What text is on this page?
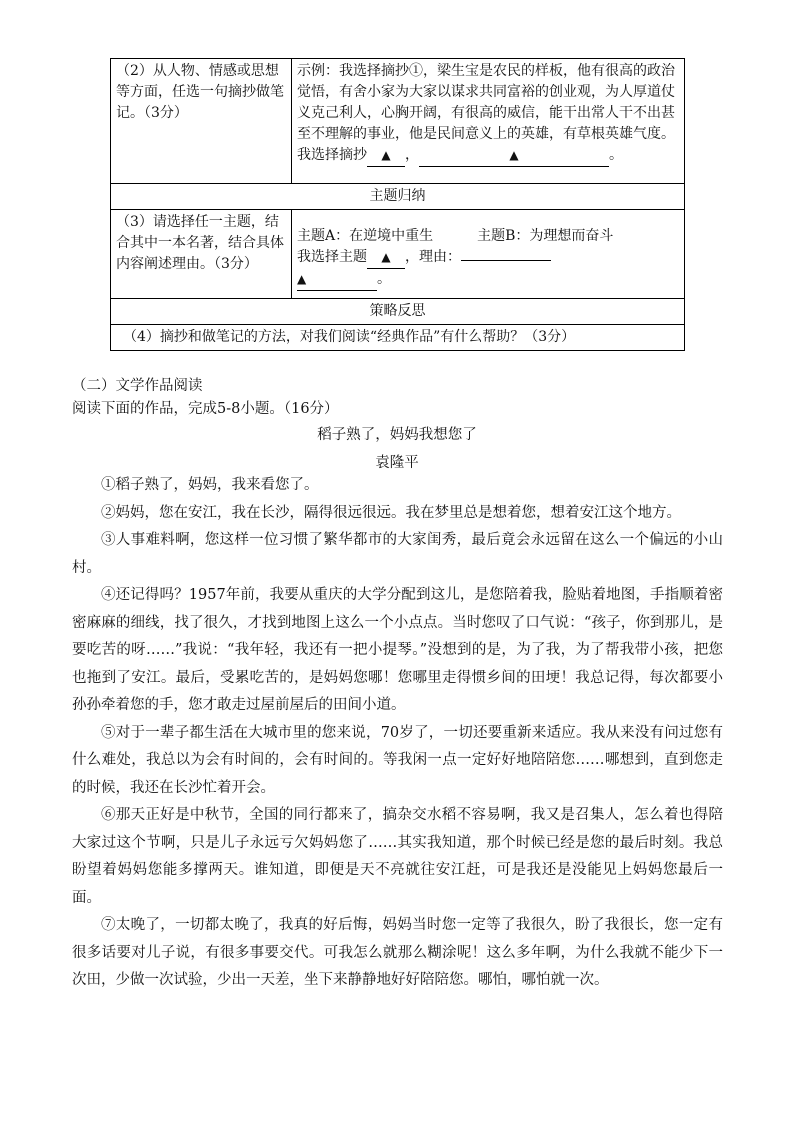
（2）从人物、情感或思想等方面，任选一句摘抄做笔记。（3分）	示例：我选择摘抄①，梁生宝是农民的样板，他有很高的政治觉悟，有舍小家为大家以谋求共同富裕的创业观，为人厚道仗义克己利人，心胸开阔，有很高的威信，能干出常人干不出甚至不理解的事业，他是民间意义上的英雄，有草根英雄气度。
我选择摘抄 ▲ ， ▲ 。

主题归纳	
（3）请选择任一主题，结合其中一本名著，结合具体内容阐述理由。（3分）	主题A：在逆境中重生 主题B：为理想而奋斗
我选择主题 ▲ ，理由：
▲ 。

策略反思	
（4）摘抄和做笔记的方法，对我们阅读“经典作品”有什么帮助？（3分）	
（二）文学作品阅读
阅读下面的作品，完成5-8小题。（16分）
稻子熟了，妈妈我想您了
袁隆平

①稻子熟了，妈妈，我来看您了。

②妈妈，您在安江，我在长沙，隔得很远很远。我在梦里总是想着您，想着安江这个地方。

③人事难料啊，您这样一位习惯了繁华都市的大家闺秀，最后竟会永远留在这么一个偏远的小山村。

④还记得吗？1957年前，我要从重庆的大学分配到这儿，是您陪着我，脸贴着地图，手指顺着密密麻麻的细线，找了很久，才找到地图上这么一个小点点。当时您叹了口气说：“孩子，你到那儿，是要吃苦的呀……”我说：“我年轻，我还有一把小提琴。”没想到的是，为了我，为了帮我带小孩，把您也拖到了安江。最后，受累吃苦的，是妈妈您哪！您哪里走得惯乡间的田埂！我总记得，每次都要小孙孙牵着您的手，您才敢走过屋前屋后的田间小道。

⑤对于一辈子都生活在大城市里的您来说，70岁了，一切还要重新来适应。我从来没有问过您有什么难处，我总以为会有时间的，会有时间的。等我闲一点一定好好地陪陪您……哪想到，直到您走的时候，我还在长沙忙着开会。

⑥那天正好是中秋节，全国的同行都来了，搞杂交水稻不容易啊，我又是召集人，怎么着也得陪大家过这个节啊，只是儿子永远亏欠妈妈您了……其实我知道，那个时候已经是您的最后时刻。我总盼望着妈妈您能多撑两天。谁知道，即便是天不亮就往安江赶，可是我还是没能见上妈妈您最后一面。

⑦太晚了，一切都太晚了，我真的好后悔，妈妈当时您一定等了我很久，盼了我很长，您一定有很多话要对儿子说，有很多事要交代。可我怎么就那么糊涂呢！这么多年啊，为什么我就不能少下一次田，少做一次试验，少出一天差，坐下来静静地好好陪陪您。哪怕，哪怕就一次。
